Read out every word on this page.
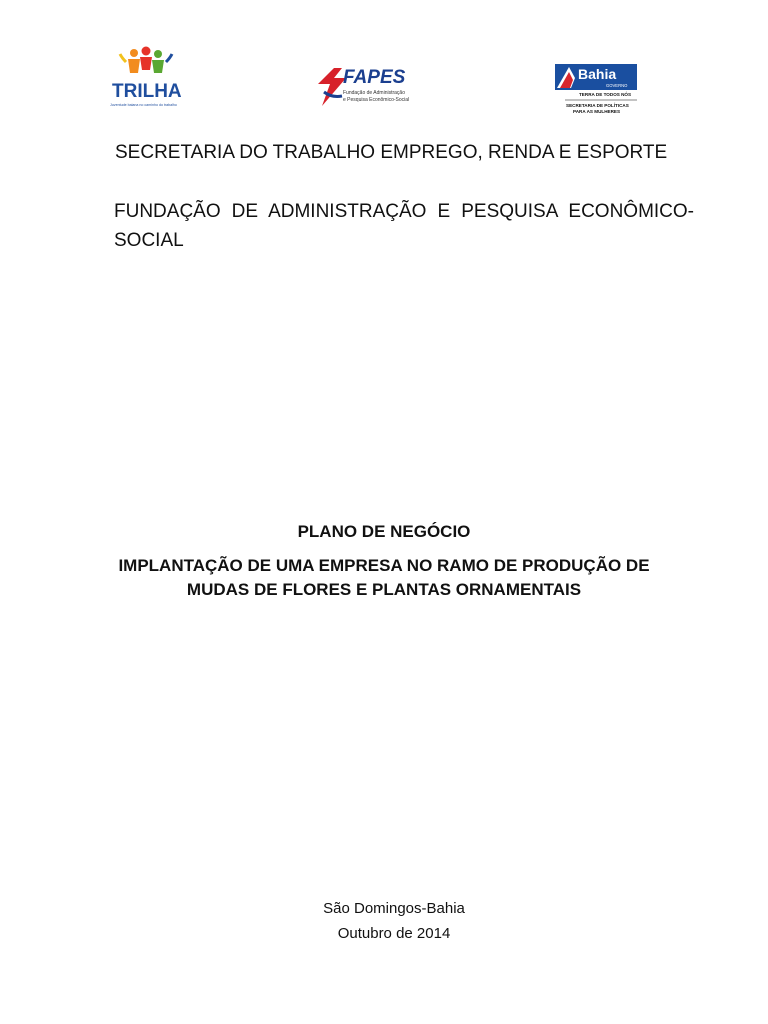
TRILHA
Juventude baiana no caminho do trabalho
FAPES
Fundação de Administração
e Pesquisa Econômico-Social
Bahia
GOVERNO
TERRA DE TODOS NÓS
SECRETARIA DE POLÍTICAS
PARA AS MULHERES
SECRETARIA DO TRABALHO EMPREGO, RENDA E ESPORTE
FUNDAÇÃO DE ADMINISTRAÇÃO E PESQUISA ECONÔMICO-
SOCIAL
PLANO DE NEGÓCIO
IMPLANTAÇÃO DE UMA EMPRESA NO RAMO DE PRODUÇÃO DE
MUDAS DE FLORES E PLANTAS ORNAMENTAIS
São Domingos-Bahia
Outubro de 2014
